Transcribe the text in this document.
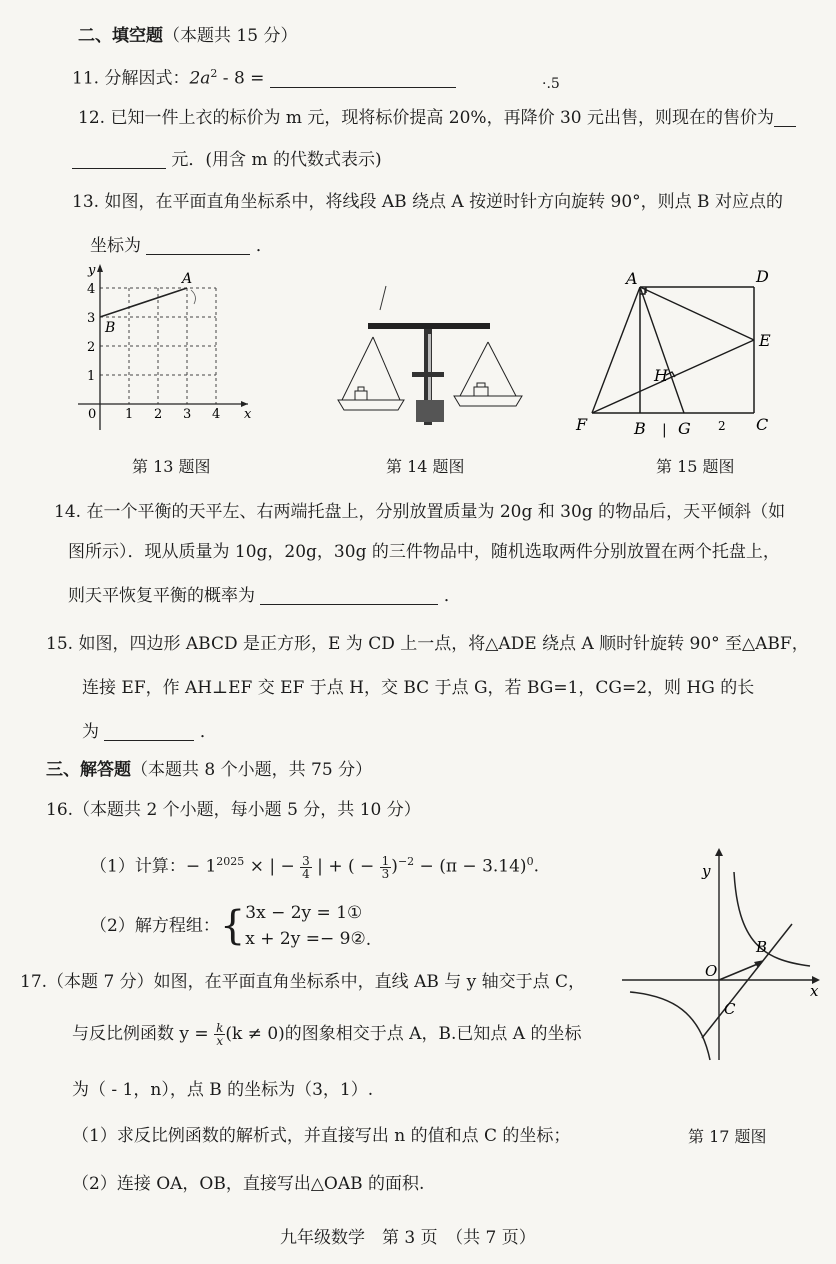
二、填空题（本题共 15 分）
11. 分解因式：$2a^2 - 8$ =	·.5
12. 已知一件上衣的标价为 m 元，现将标价提高 20%，再降价 30 元出售，则现在的售价为
元．(用含 m 的代数式表示)
13. 如图，在平面直角坐标系中，将线段 AB 绕点 A 按逆时针方向旋转 90°，则点 B 对应点的
坐标为	．
y
x
0 1 2 3 4
1
2
3
4
A
B
第 13 题图	第 14 题图
A	D
E
H
F	B | G 2 C
第 15 题图
14. 在一个平衡的天平左、右两端托盘上，分别放置质量为 20g 和 30g 的物品后，天平倾斜（如
图所示）．现从质量为 10g，20g，30g 的三件物品中，随机选取两件分别放置在两个托盘上，
则天平恢复平衡的概率为	．
15. 如图，四边形 ABCD 是正方形，E 为 CD 上一点，将△ADE 绕点 A 顺时针旋转 90° 至△ABF，
连接 EF，作 AH⊥EF 交 EF 于点 H，交 BC 于点 G，若 BG=1，CG=2，则 HG 的长
为	．
三、解答题（本题共 8 个小题，共 75 分）
16.（本题共 2 个小题，每小题 5 分，共 10 分）
（1）计算：− $1^{2025}$ × | − $\frac{3}{4}$ | + ( − $\frac{1}{3} )^{-2} - (\pi - 3.14)^0$.
（2）解方程组：{ 3x − 2y = 1①
x + 2y =− 9② .
y
x
O
B
C
第 17 题图
17.（本题 7 分）如图，在平面直角坐标系中，直线 AB 与 y 轴交于点 C，
与反比例函数 $y = \frac{k}{x} (k \ne 0)$的图象相交于点 A，B.已知点 A 的坐标
为（ - 1，n），点 B 的坐标为（3，1）.
（1）求反比例函数的解析式，并直接写出 n 的值和点 C 的坐标；
（2）连接 OA，OB，直接写出△OAB 的面积.
九年级数学　第 3 页　（共 7 页）
